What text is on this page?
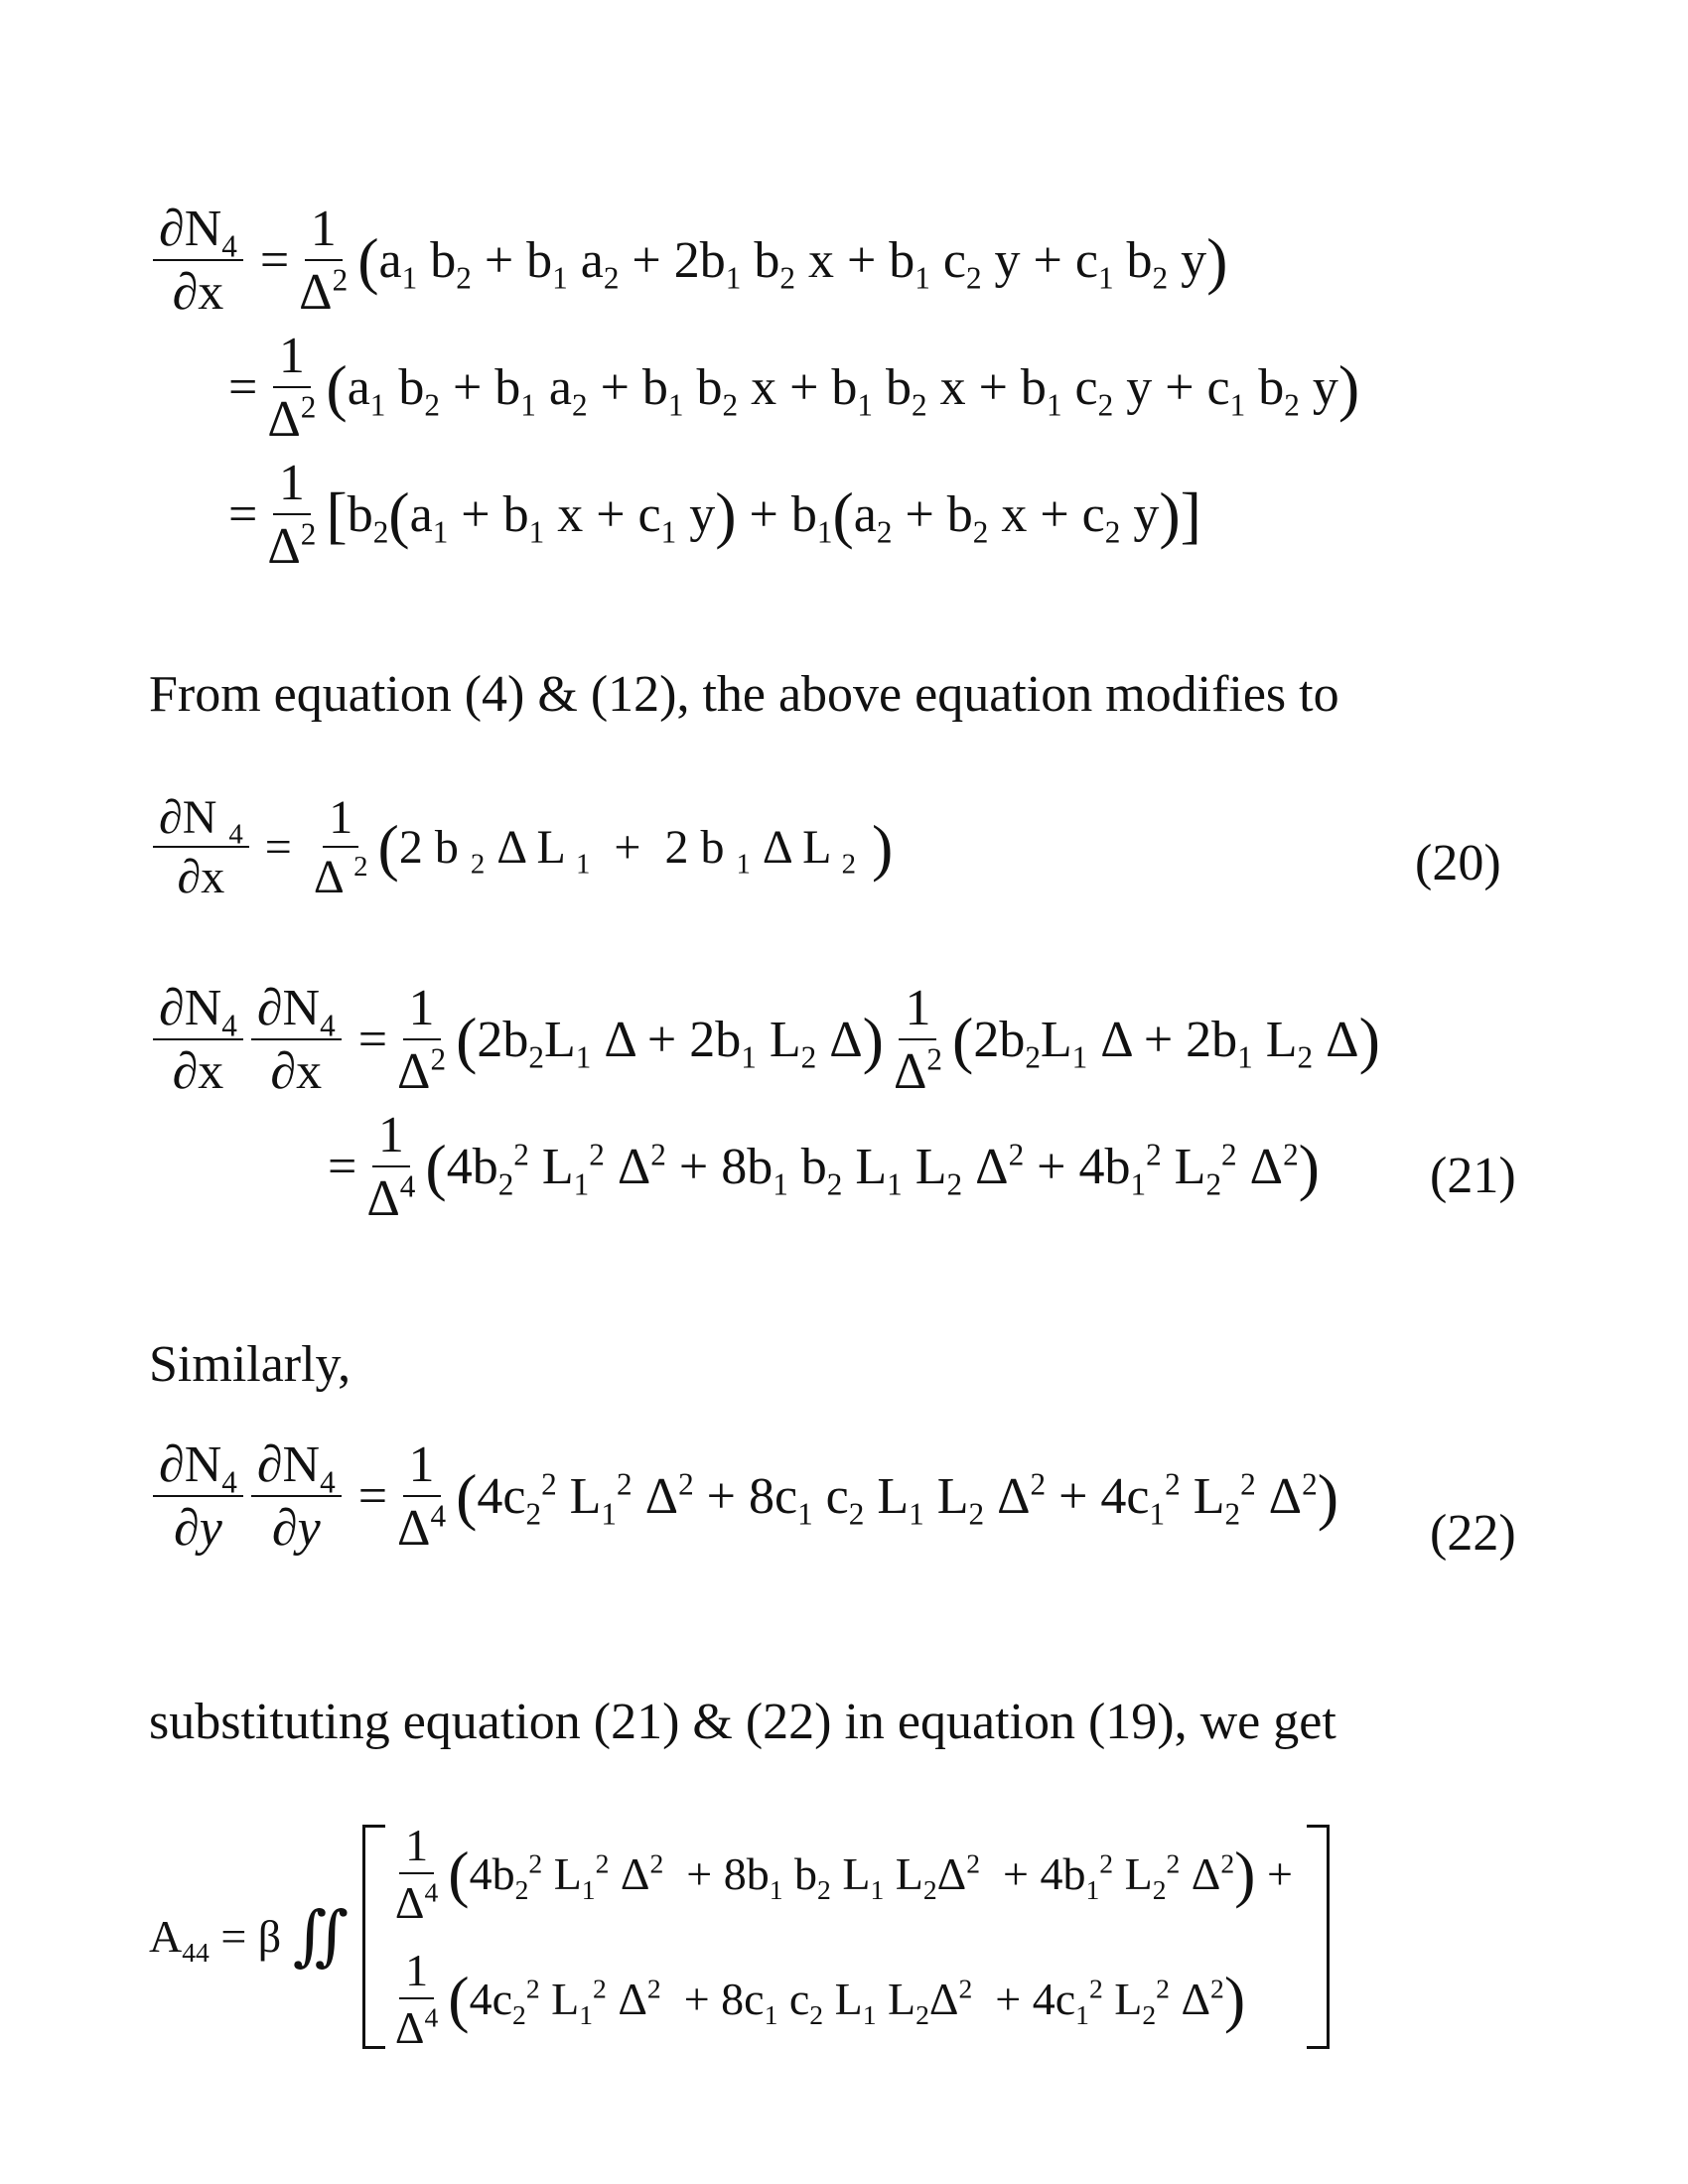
$\frac{\partial N_4}{\partial x} = \frac{1}{\Delta^2}$ ( $a_1$ $b_2 + b_1$ $a_2 + 2b_1$ $b_2$ $x + b_1$ $c_2$ $y + c_1$ $b_2$ y )
= $\frac{1}{\Delta^2}$ ( $a_1$ $b_2 + b_1$ $a_2 + b_1$ $b_2$ $x + b_1$ $b_2$ $x + b_1$ $c_2$ $y + c_1$ $b_2$ y )
= $\frac{1}{\Delta^2}$ [ $b_2$ ( $a_1 + b_1$ $x + c_1$ y ) + $b_1$ ( $a_2 + b_2$ $x + c_2$ y )]
From equation (4) & (12), the above equation modifies to
$\frac{\partial N _4}{\partial x} = \frac{1}{\Delta ^2}$ ( 2 b $_2$ Δ L $_1$  +  2 b $_1$ Δ L $_2$ )	(20)
$\frac{\partial N_4}{\partial x} \frac{\partial N_4}{\partial x} = \frac{1}{\Delta^2}$ ( $2b_2L_1$ $\Delta + 2b_1$ $L_2$ Δ ) $\frac{1}{\Delta^2}$ ( $2b_2L_1$ $\Delta + 2b_1$ $L_2$ Δ )
= $\frac{1}{\Delta^4}$ ( $4b_2^2$ $L_1^2$ $\Delta^2 + 8b_1$ $b_2$ $L_1$ $L_2$ $\Delta^2 + 4b_1^2$ $L_2^2$ $\Delta^2$ ) (21)
Similarly,
$\frac{\partial N_4}{\partial y} \frac{\partial N_4}{\partial y} = \frac{1}{\Delta^4}$ ( $4c_2^2$ $L_1^2$ $\Delta^2 + 8c_1$ $c_2$ $L_1$ $L_2$ $\Delta^2 + 4c_1^2$ $L_2^2$ $\Delta^2$ )
(22)
substituting equation (21) & (22) in equation (19), we get
$A_{44} = \beta$ ∬
$\frac{1}{\Delta^4}$ ( $4b_2^2$ $L_1^2$ $\Delta^2 + 8b_1$ $b_2$ $L_1$ $L_2\Delta^2 + 4b_1^2$ $L_2^2$ $\Delta^2$ ) +
$\frac{1}{\Delta^4}$ ( $4c_2^2$ $L_1^2$ $\Delta^2 + 8c_1$ $c_2$ $L_1$ $L_2\Delta^2 + 4c_1^2$ $L_2^2$ $\Delta^2$ )
